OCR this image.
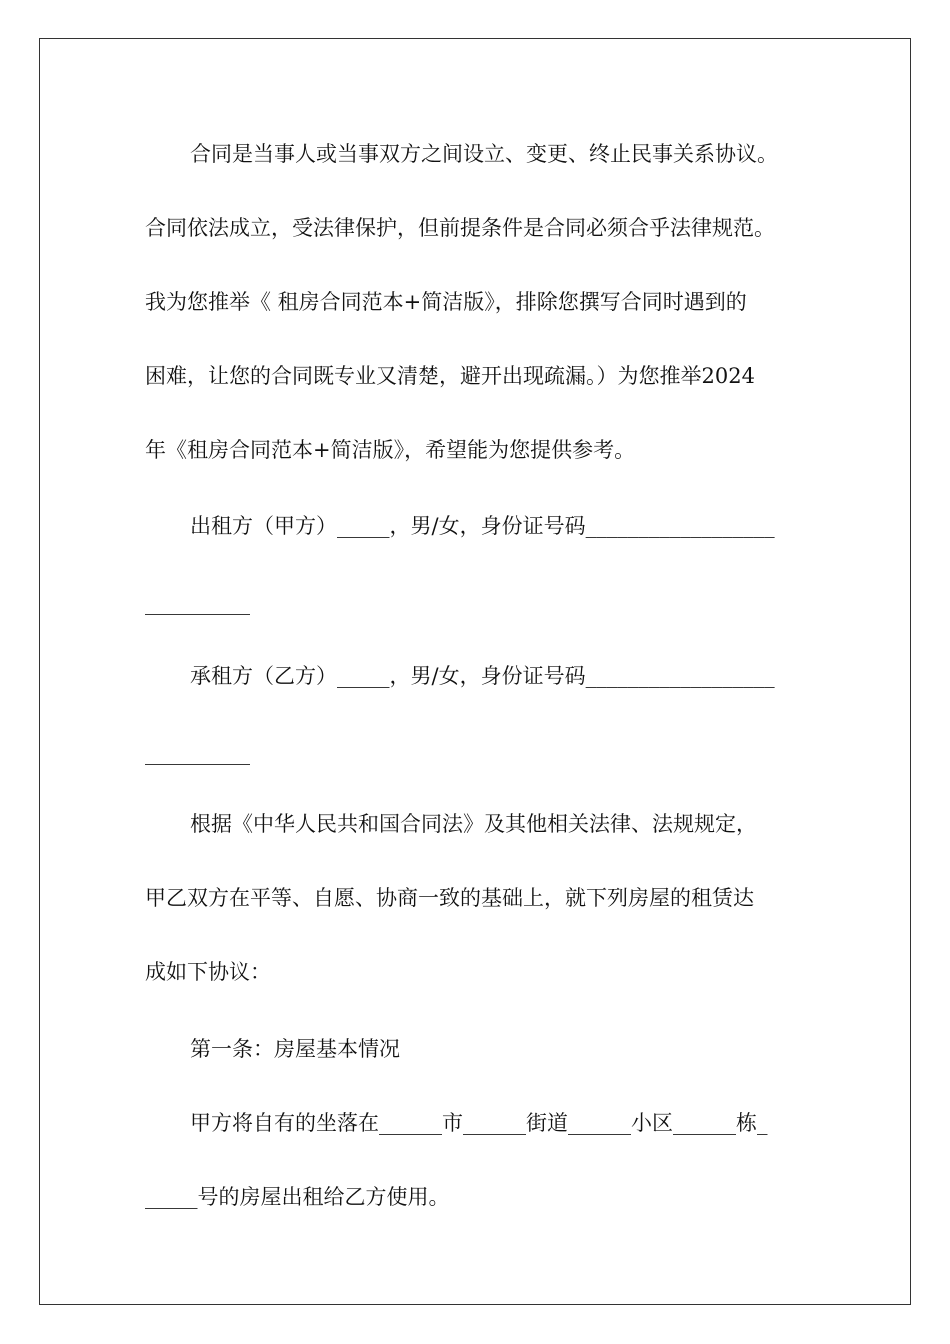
合同是当事人或当事双方之间设立、变更、终止民事关系协议。
合同依法成立，受法律保护，但前提条件是合同必须合乎法律规范。
我为您推举《 租房合同范本+简洁版》，排除您撰写合同时遇到的
困难，让您的合同既专业又清楚，避开出现疏漏。）为您推举2024
年《租房合同范本+简洁版》，希望能为您提供参考。
出租方（甲方）_____，男/女，身份证号码__________________
__________
承租方（乙方）_____，男/女，身份证号码__________________
__________
根据《中华人民共和国合同法》及其他相关法律、法规规定，
甲乙双方在平等、自愿、协商一致的基础上，就下列房屋的租赁达
成如下协议：
第一条：房屋基本情况
甲方将自有的坐落在______市______街道______小区______栋_
_____号的房屋出租给乙方使用。
